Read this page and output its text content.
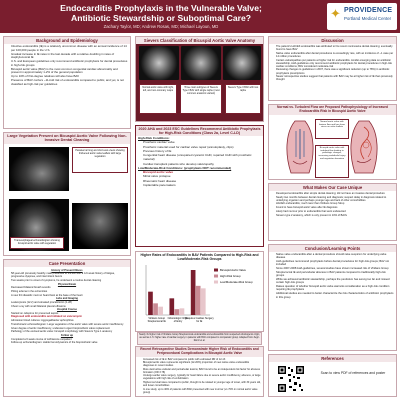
Endocarditis Prophylaxis in the Vulnerable Valve;
Antibiotic Stewardship or Suboptimal Care?
Zachary Taylor, MD; Andrew Rosas, MD; Michael Layoun, MD
✦ PROVIDENCE
Portland Medical Center
Background and Epidemiology
• Infective endocarditis (IE) is a relatively uncommon disease with an annual incidence of 14 per 100,000 people in the U.S.
• Gradual increase in IE rates in the last decade with a relative doubling in rates of staphylococcal IE
• U.S. and European guidelines only recommend antibiotic prophylaxis for dental procedures in high-risk groups
• Bicuspid aortic valve (BAV) is the most common congenital cardiac abnormality and present in approximately 1-2% of the general population
• Up to 10% of first-degree relatives will also have BAV
• Presence of BAV confers ~11-fold risk of endocarditis compared to public, and yet, is not classified as high-risk per guidelines
Large Vegetation Present on Bicuspid Aortic Valve Following Non-Invasive Dental Cleaning
Parasternal long and short-axis views showing thickened aortic valve leaflets with large vegetation
Transesophageal echocardiogram showing bicuspid aortic valve with vegetation
Case Presentation
History of Present Illness
• 58-year-old previously healthy male presented to the ED with a 4-6 week history of fatigue, progressive dyspnea, and intermittent fevers
• Two weeks prior to onset of symptoms, he underwent a routine dental cleaning
Physical Exam
• Decreased bilateral breath sounds
• Pitting edema in the extremities
• A new 3/4 diastolic murmur heard best at the base of the heart
Labs and Imaging
• Leukocytosis (12.2) and elevated procalcitonin (1.28)
• Chest x-ray with small bilateral pleural effusions
Hospital Course
• Started on cefepime for presumed sepsis
• Diagnosed with endocarditis and initiated on vancomycin
• Admission blood cultures: Aggregatibacter aphrophilus
• Transthoracic echocardiogram: Large vegetation of the aortic valve with severe aortic insufficiency
• Given degree of aortic insufficiency, underwent urgent bioprosthetic valve replacement
• Pathology of the excised aortic valve: bicuspid morphology with Sievers Type 1 anatomy
Follow up
• Completed a 6-week course of ceftriaxone outpatient
• Follow-up echocardiogram: stable hemodynamics of the bioprosthetic valve
Sievers Classification of Bicuspid Aortic Valve Anatomy
Normal aortic valve with right, left, and non-coronary cusps
Three main subtypes of Sievers Type I BAV with single raphe (most common anatomic variant)
Sievers Type II BAV with two raphe
2020 AHA and 2023 ESC Guidelines Recommend Antibiotic Prophylaxis for High-Risk Conditions (Class 2a, Level C-LD)
High-Risk Conditions:
• Prosthetic cardiac valve
• Prosthetic material used for cardiac valve repair (annuloplasty, clips)
• Previous history of IE
• Congenital heart disease (unrepaired cyanotic CHD, repaired CHD with prosthetic material)
• Cardiac transplant patients who develop valvulopathy
Low/Moderate-Risk Conditions: (prophylaxis NOT recommended)
• Bicuspid aortic valve
• Mitral valve prolapse
• Rheumatic heart disease
• Implantable pacemakers
Higher Rates of Endocarditis in BAV Patients Compared to High-Risk and Low/Moderate-Risk Groups
Viridans Group Streptococcal IE
Odontologic Origin of Entry
Requires Cardiac Surgery for IE
Bicuspid Aortic Valve
High-Risk Group
Low/Moderate-Risk Group
Nearly 3x higher risk of Viridans Group Streptococcal endocarditis and endocarditis from suspected odontogenic origin, as well as 1.7x higher rate of cardiac surgery in patients with BAV compared to comparator group. Adapted from Zegri-Reiriz et al.
Recent Retrospective Studies Demonstrate Higher Risk of Endocarditis and Periprocedural Complications in Bicuspid Aortic Valve
• Increased risk of IE in BAV compared to public with estimated RR of 12-13
• Bicuspid aortic valve represents significant (12-20%) proportion of new native valve endocarditis diagnoses in recent studies
• More destructive valvular and perivalvular lesions; BAV found to be an independent risk factor for abscess formation (OR 3.78)
• Undergo earlier valve surgery, typically for heart failure due to severe aortic insufficiency, abscess, or large vegetations with high risk of embolization
• Highest survival rates compared to public, thought to be related to younger age of onset, with 30 years old, and fewer comorbidities
• In one study, up to 46% of patients with BAV presented with new murmur (vs 70% in normal aortic valve group)
Discussion
• The patient's HACEK endocarditis was attributed to his recent noninvasive dental cleaning; eventually found to have BAV
• Native valve endocarditis after dental procedures is exceedingly rare, with an incidence of ~1 case per 14 million procedures
• Certain valvulopathies put patients at higher risk for endocarditis. Amidst emerging data on antibiotic stewardship, AHA guidelines only recommend antibiotic prophylaxis for dental procedures in high-risk cardiac conditions; BAV considered moderate-risk
• Reviewing changes to guidelines in 2007, there was a significant reduction (up to 78%) in antibiotic prophylaxis prescriptions
• Newer retrospective studies suggest that patients with BAV may be at higher risk of IE than previously thought
Normal vs. Turbulent Flow are Proposed Pathophysiology of Increased Endocarditis Risk in Bicuspid Aortic Valve
Normal aortic valve with laminar flow and low shear stress on valve leaflets
Bicuspid aortic valve with turbulent flow leading to pathologic changes, increasing endothelial injury and vegetation formation
What Makes Our Case Unique
• Developed endocarditis after simple dental cleaning; did not have an invasive dental procedure
• Nearly two months between dental cleaning and diagnosis; suspect delay in diagnosis related to underlying organism and perhaps younger age and lack of other comorbidities
• HACEK endocarditis; much rarer than Viridans Group Strep
• Found to have bicuspid aortic valve after IE diagnosis
• Likely had murmur prior to endocarditis that went undetected
• Sievers type 2 anatomy, which is only present in 10% of BAVs
Conclusion/Learning Points
• Native valve endocarditis after a dental procedure should raise suspicion for underlying valve disease
• AHA guidelines recommend prophylaxis before dental procedures for high-risk groups; BAV not included
• Since 2007-2008 AHA guidelines, several studies have shown increased risk of Viridans Group Streptococcal IE and perivalvular abscess in BAV patients compared to traditionally high-risk groups
• While we achieved antibiotic stewardship, perhaps the pendulum has swung too far and missed certain high-risk groups
• Raises question of whether bicuspid aortic valve warrants consideration as a high-risk condition requiring IE prophylaxis
• Additional studies are needed to better characterize the risk characteristics of antibiotic prophylaxis in this group
References
Scan to view PDF of references and poster
